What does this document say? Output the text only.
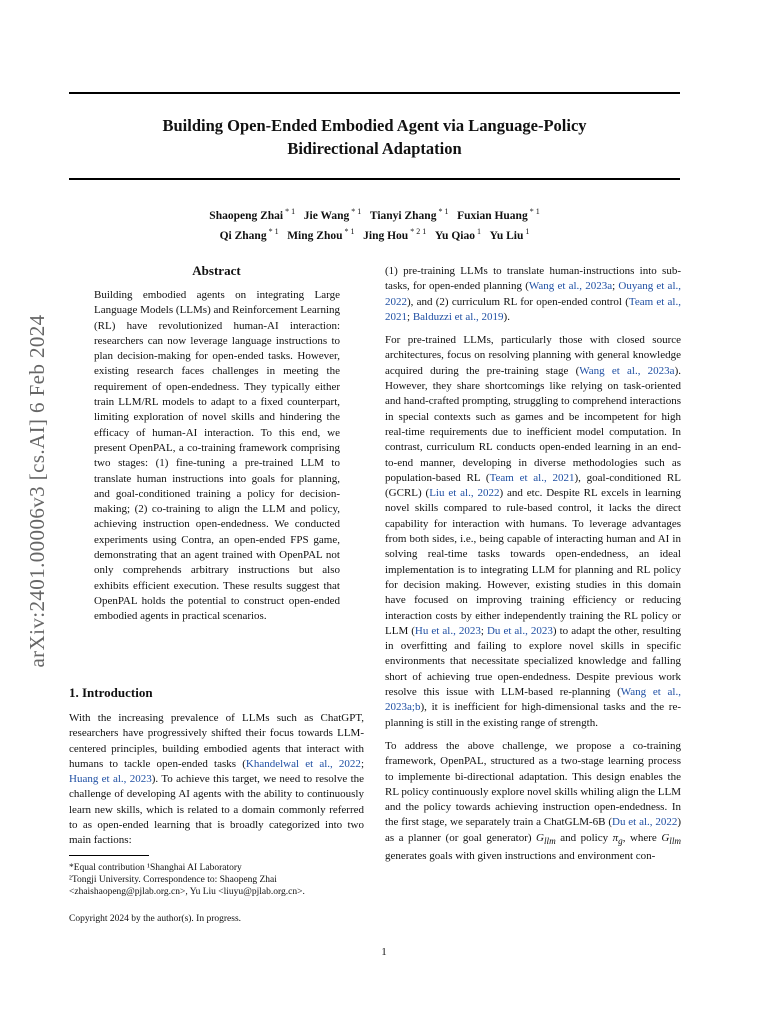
arXiv:2401.00006v3 [cs.AI] 6 Feb 2024
Building Open-Ended Embodied Agent via Language-Policy
Bidirectional Adaptation
Shaopeng Zhai $^{* 1}$ Jie Wang $^{* 1}$ Tianyi Zhang $^{* 1}$ Fuxian Huang $^{* 1}$
Qi Zhang $^{* 1}$ Ming Zhou $^{* 1}$ Jing Hou $^{* 2 1}$ Yu Qiao $^1$ Yu Liu $^1$
Abstract

Building embodied agents on integrating Large Language Models (LLMs) and Reinforcement Learning (RL) have revolutionized human-AI interaction: researchers can now leverage language instructions to plan decision-making for open-ended tasks. However, existing research faces challenges in meeting the requirement of open-endedness. They typically either train LLM/RL models to adapt to a fixed counterpart, limiting exploration of novel skills and hindering the efficacy of human-AI interaction. To this end, we present OpenPAL, a co-training framework comprising two stages: (1) fine-tuning a pre-trained LLM to translate human instructions into goals for planning, and goal-conditioned training a policy for decision-making; (2) co-training to align the LLM and policy, achieving instruction open-endedness. We conducted experiments using Contra, an open-ended FPS game, demonstrating that an agent trained with OpenPAL not only comprehends arbitrary instructions but also exhibits efficient execution. These results suggest that OpenPAL holds the potential to construct open-ended embodied agents in practical scenarios.

1. Introduction

With the increasing prevalence of LLMs such as ChatGPT, researchers have progressively shifted their focus towards LLM-centered principles, building embodied agents that interact with humans to tackle open-ended tasks (Khandelwal et al., 2022; Huang et al., 2023). To achieve this target, we need to resolve the challenge of developing AI agents with the ability to continuously learn new skills, which is related to a domain commonly referred to as open-ended learning that is broadly categorized into two main factions:

*Equal contribution ¹Shanghai AI Laboratory
²Tongji University. Correspondence to: Shaopeng Zhai <zhaishaopeng@pjlab.org.cn>, Yu Liu <liuyu@pjlab.org.cn>.
Copyright 2024 by the author(s). In progress.

(1) pre-training LLMs to translate human-instructions into sub-tasks, for open-ended planning (Wang et al., 2023a; Ouyang et al., 2022), and (2) curriculum RL for open-ended control (Team et al., 2021; Balduzzi et al., 2019).

For pre-trained LLMs, particularly those with closed source architectures, focus on resolving planning with general knowledge acquired during the pre-training stage (Wang et al., 2023a). However, they share shortcomings like relying on task-oriented and hand-crafted prompting, struggling to comprehend interactions in special contexts such as games and be incompetent for high real-time requirements due to inefficient model computation. In contrast, curriculum RL conducts open-ended learning in an end-to-end manner, developing in diverse methodologies such as population-based RL (Team et al., 2021), goal-conditioned RL (GCRL) (Liu et al., 2022) and etc. Despite RL excels in learning novel skills compared to rule-based control, it lacks the direct capability for interaction with humans. To leverage advantages from both sides, i.e., being capable of interacting human and AI in solving real-time tasks towards open-endedness, an ideal implementation is to integrating LLM for planning and RL policy for decision making. However, existing studies in this domain have focused on improving training efficiency or reducing interaction costs by either independently training the RL policy or LLM (Hu et al., 2023; Du et al., 2023) to adapt the other, resulting in overfitting and failing to explore novel skills in specific environments that necessitate specialized knowledge and falling short of achieving true open-endedness. Despite previous work resolve this issue with LLM-based re-planning (Wang et al., 2023a;b), it is inefficient for high-dimensional tasks and the re-planning is still in the existing range of strength.

To address the above challenge, we propose a co-training framework, OpenPAL, structured as a two-stage learning process to implemente bi-directional adaptation. This design enables the RL policy continuously explore novel skills whiling align the LLM and the policy towards achieving instruction open-endedness. In the first stage, we separately train a ChatGLM-6B (Du et al., 2022) as a planner (or goal generator) $G_{llm}$ and policy $\pi_g$, where $G_{llm}$ generates goals with given instructions and environment con-

1
